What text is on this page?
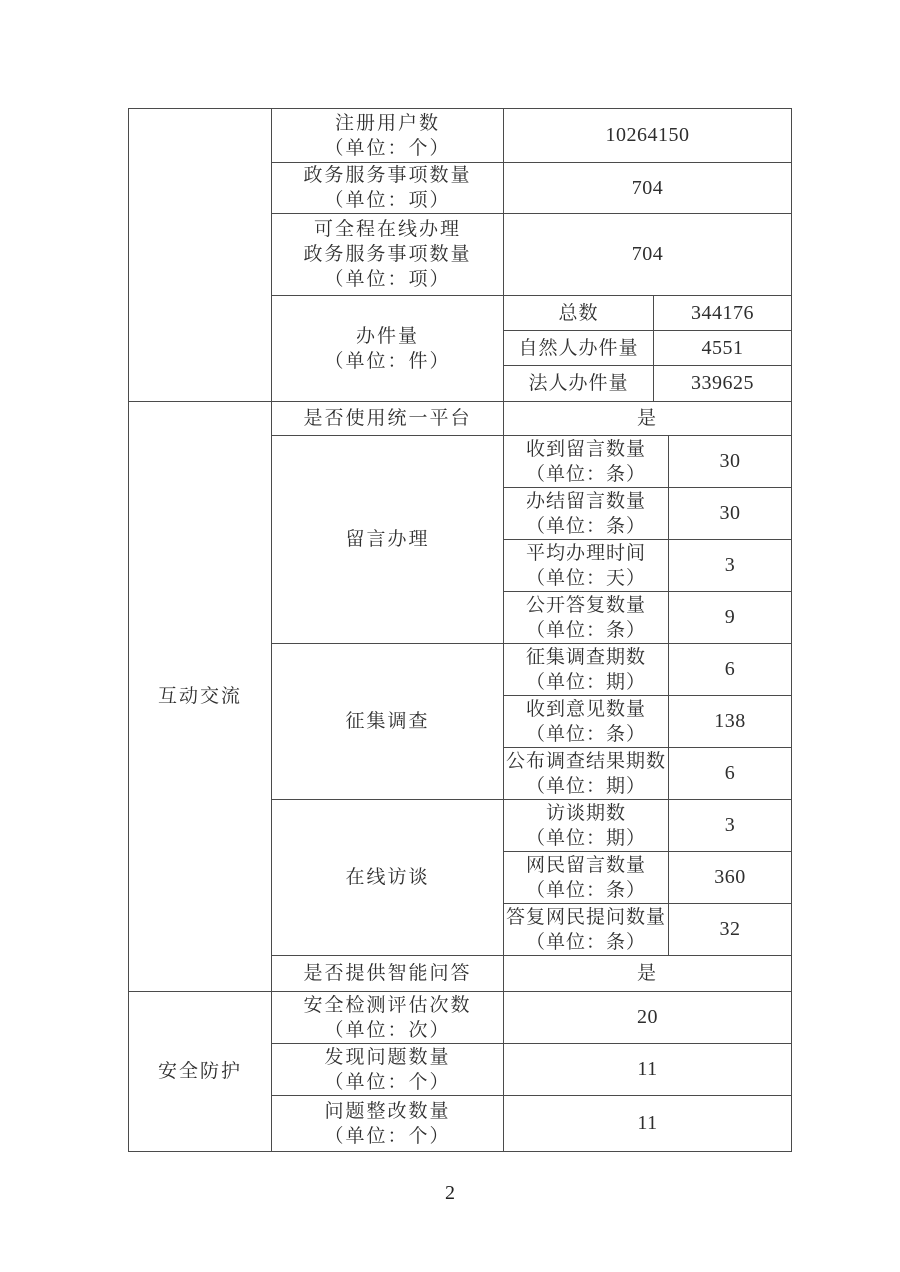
	注册用户数
（单位：个）	10264150		

	政务服务事项数量
（单位：项）	704		

	可全程在线办理
政务服务事项数量
（单位：项）	704		

	办件量
（单位：件）	总数	344176	
		自然人办件量	4551	
		法人办件量	339625	
互动交流	是否使用统一平台	是		
	留言办理	收到留言数量
（单位：条）		30

		办结留言数量
（单位：条）		30

		平均办理时间
（单位：天）		3

		公开答复数量
（单位：条）		9
	征集调查	征集调查期数
（单位：期）		6

		收到意见数量
（单位：条）		138

		公布调查结果期数
（单位：期）		6
	在线访谈	访谈期数
（单位：期）		3

		网民留言数量
（单位：条）		360

		答复网民提问数量
（单位：条）		32
	是否提供智能问答	是		
安全防护	安全检测评估次数
（单位：次）	20		

	发现问题数量
（单位：个）	11		

	问题整改数量
（单位：个）	11		
2
